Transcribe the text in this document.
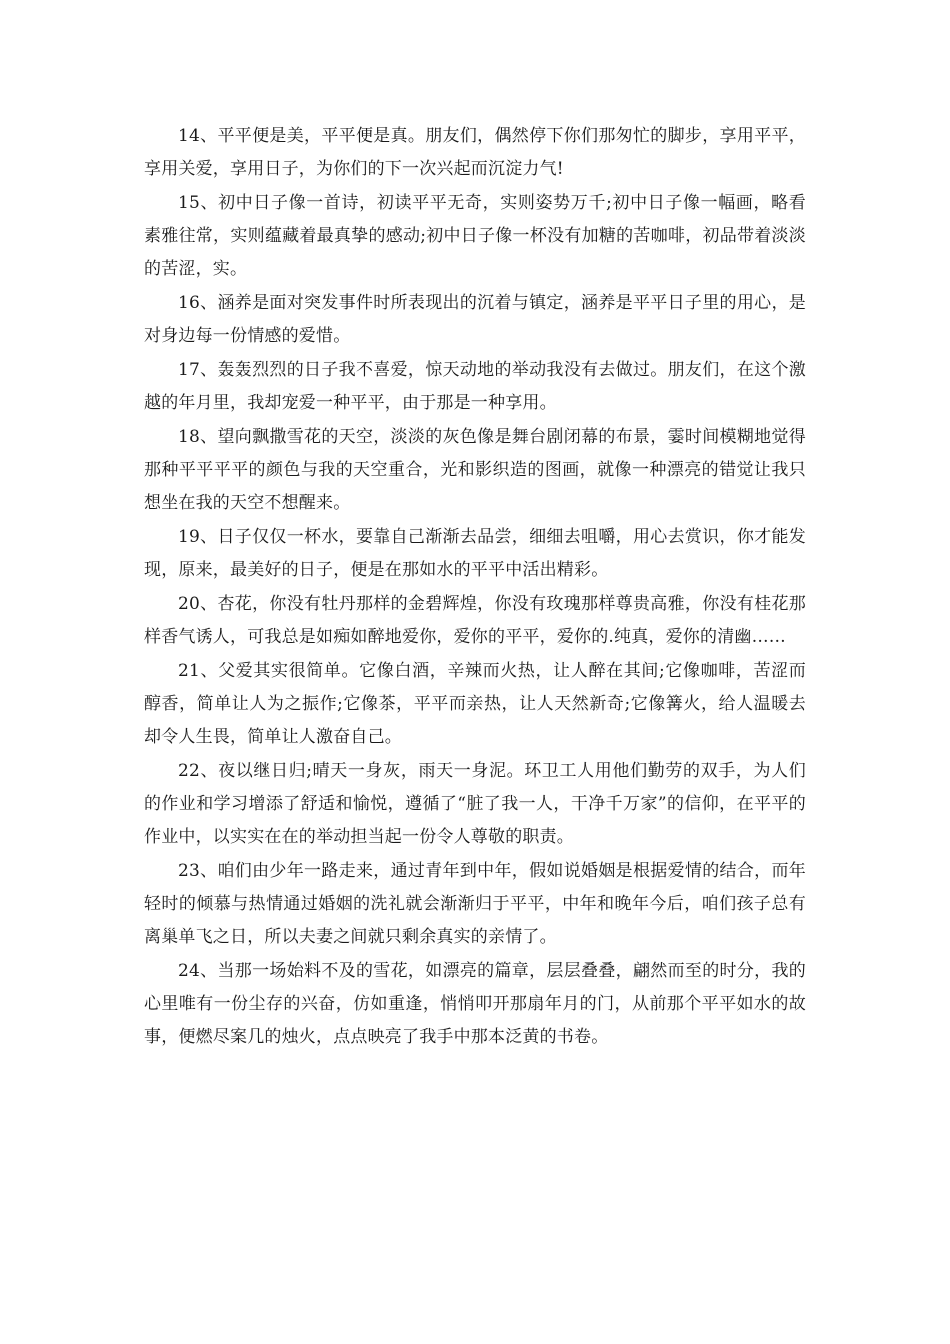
14、平平便是美，平平便是真。朋友们，偶然停下你们那匆忙的脚步，享用平平，享用关爱，享用日子，为你们的下一次兴起而沉淀力气!

15、初中日子像一首诗，初读平平无奇，实则姿势万千;初中日子像一幅画，略看素雅往常，实则蕴藏着最真挚的感动;初中日子像一杯没有加糖的苦咖啡，初品带着淡淡的苦涩，实。

16、涵养是面对突发事件时所表现出的沉着与镇定，涵养是平平日子里的用心，是对身边每一份情感的爱惜。

17、轰轰烈烈的日子我不喜爱，惊天动地的举动我没有去做过。朋友们，在这个激越的年月里，我却宠爱一种平平，由于那是一种享用。

18、望向飘撒雪花的天空，淡淡的灰色像是舞台剧闭幕的布景，霎时间模糊地觉得那种平平平平的颜色与我的天空重合，光和影织造的图画，就像一种漂亮的错觉让我只想坐在我的天空不想醒来。

19、日子仅仅一杯水，要靠自己渐渐去品尝，细细去咀嚼，用心去赏识，你才能发现，原来，最美好的日子，便是在那如水的平平中活出精彩。

20、杏花，你没有牡丹那样的金碧辉煌，你没有玫瑰那样尊贵高雅，你没有桂花那样香气诱人，可我总是如痴如醉地爱你，爱你的平平，爱你的.纯真，爱你的清幽……

21、父爱其实很简单。它像白酒，辛辣而火热，让人醉在其间;它像咖啡，苦涩而醇香，简单让人为之振作;它像茶，平平而亲热，让人天然新奇;它像篝火，给人温暖去却令人生畏，简单让人激奋自己。

22、夜以继日归;晴天一身灰，雨天一身泥。环卫工人用他们勤劳的双手，为人们的作业和学习增添了舒适和愉悦，遵循了“脏了我一人，干净千万家”的信仰，在平平的作业中，以实实在在的举动担当起一份令人尊敬的职责。

23、咱们由少年一路走来，通过青年到中年，假如说婚姻是根据爱情的结合，而年轻时的倾慕与热情通过婚姻的洗礼就会渐渐归于平平，中年和晚年今后，咱们孩子总有离巢单飞之日，所以夫妻之间就只剩余真实的亲情了。

24、当那一场始料不及的雪花，如漂亮的篇章，层层叠叠，翩然而至的时分，我的心里唯有一份尘存的兴奋，仿如重逢，悄悄叩开那扇年月的门，从前那个平平如水的故事，便燃尽案几的烛火，点点映亮了我手中那本泛黄的书卷。
